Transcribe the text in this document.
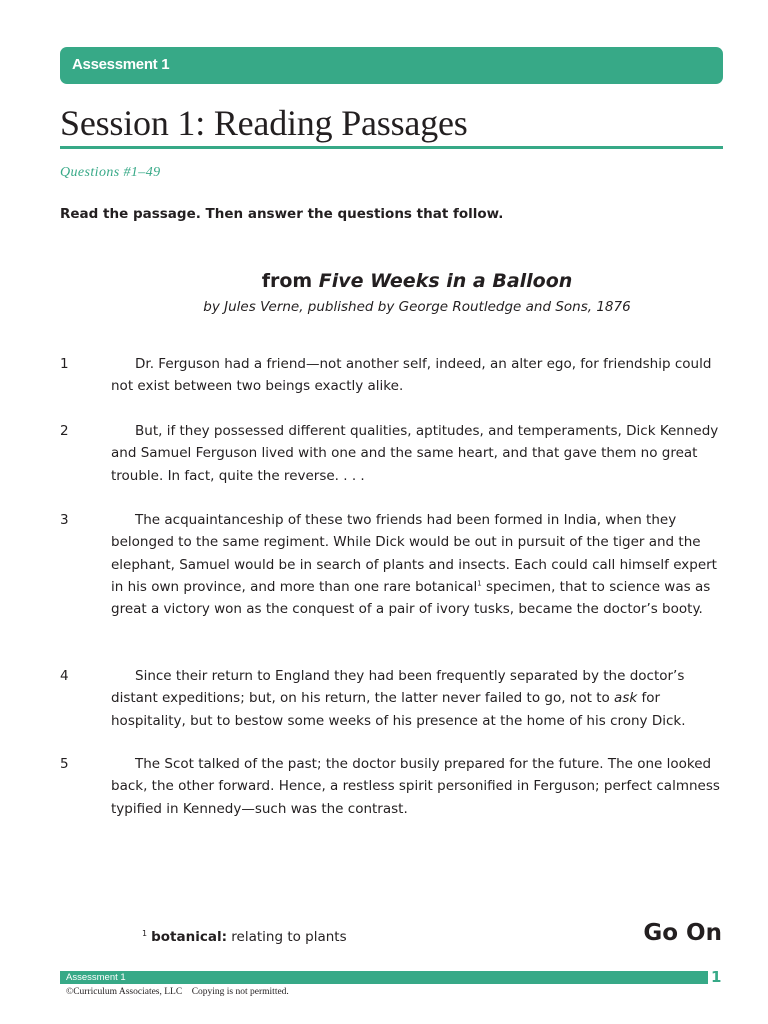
Assessment 1
Session 1: Reading Passages
Questions #1–49
Read the passage. Then answer the questions that follow.
from Five Weeks in a Balloon
by Jules Verne, published by George Routledge and Sons, 1876
1	Dr. Ferguson had a friend—not another self, indeed, an alter ego, for friendship could not exist between two beings exactly alike.
2	But, if they possessed different qualities, aptitudes, and temperaments, Dick Kennedy and Samuel Ferguson lived with one and the same heart, and that gave them no great trouble. In fact, quite the reverse. . . .
3	The acquaintanceship of these two friends had been formed in India, when they belonged to the same regiment. While Dick would be out in pursuit of the tiger and the elephant, Samuel would be in search of plants and insects. Each could call himself expert in his own province, and more than one rare botanical$^1$ specimen, that to science was as great a victory won as the conquest of a pair of ivory tusks, became the doctor’s booty.
4	Since their return to England they had been frequently separated by the doctor’s distant expeditions; but, on his return, the latter never failed to go, not to ask for hospitality, but to bestow some weeks of his presence at the home of his crony Dick.
5	The Scot talked of the past; the doctor busily prepared for the future. The one looked back, the other forward. Hence, a restless spirit personified in Ferguson; perfect calmness typified in Kennedy—such was the contrast.
$^1$ botanical: relating to plants	Go On
Assessment 1	1
©Curriculum Associates, LLC    Copying is not permitted.
